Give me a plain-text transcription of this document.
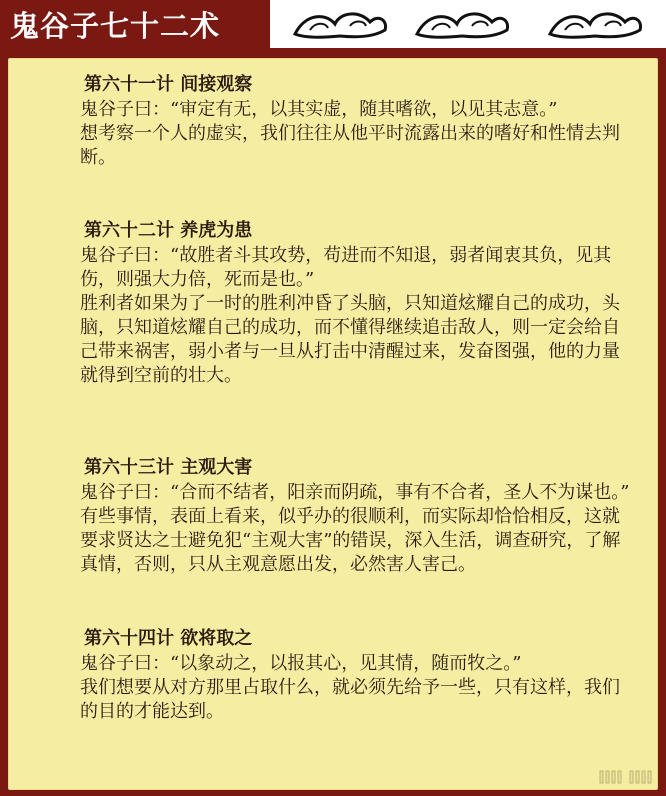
鬼谷子七十二术
第六十一计 间接观察

鬼谷子曰：“审定有无，以其实虚，随其嗜欲，以见其志意。”

想考察一个人的虚实，我们往往从他平时流露出来的嗜好和性情去判断。

第六十二计 养虎为患

鬼谷子曰：“故胜者斗其攻势，苟进而不知退，弱者闻衷其负，见其伤，则强大力倍，死而是也。”

胜利者如果为了一时的胜利冲昏了头脑，只知道炫耀自己的成功，头脑，只知道炫耀自己的成功，而不懂得继续追击敌人，则一定会给自己带来祸害，弱小者与一旦从打击中清醒过来，发奋图强，他的力量就得到空前的壮大。

第六十三计 主观大害

鬼谷子曰：“合而不结者，阳亲而阴疏，事有不合者，圣人不为谋也。”

有些事情，表面上看来，似乎办的很顺利，而实际却恰恰相反，这就要求贤达之士避免犯“主观大害”的错误，深入生活，调查研究，了解真情，否则，只从主观意愿出发，必然害人害己。

第六十四计 欲将取之

鬼谷子曰：“以象动之，以报其心，见其情，随而牧之。”

我们想要从对方那里占取什么，就必须先给予一些，只有这样，我们的目的才能达到。
